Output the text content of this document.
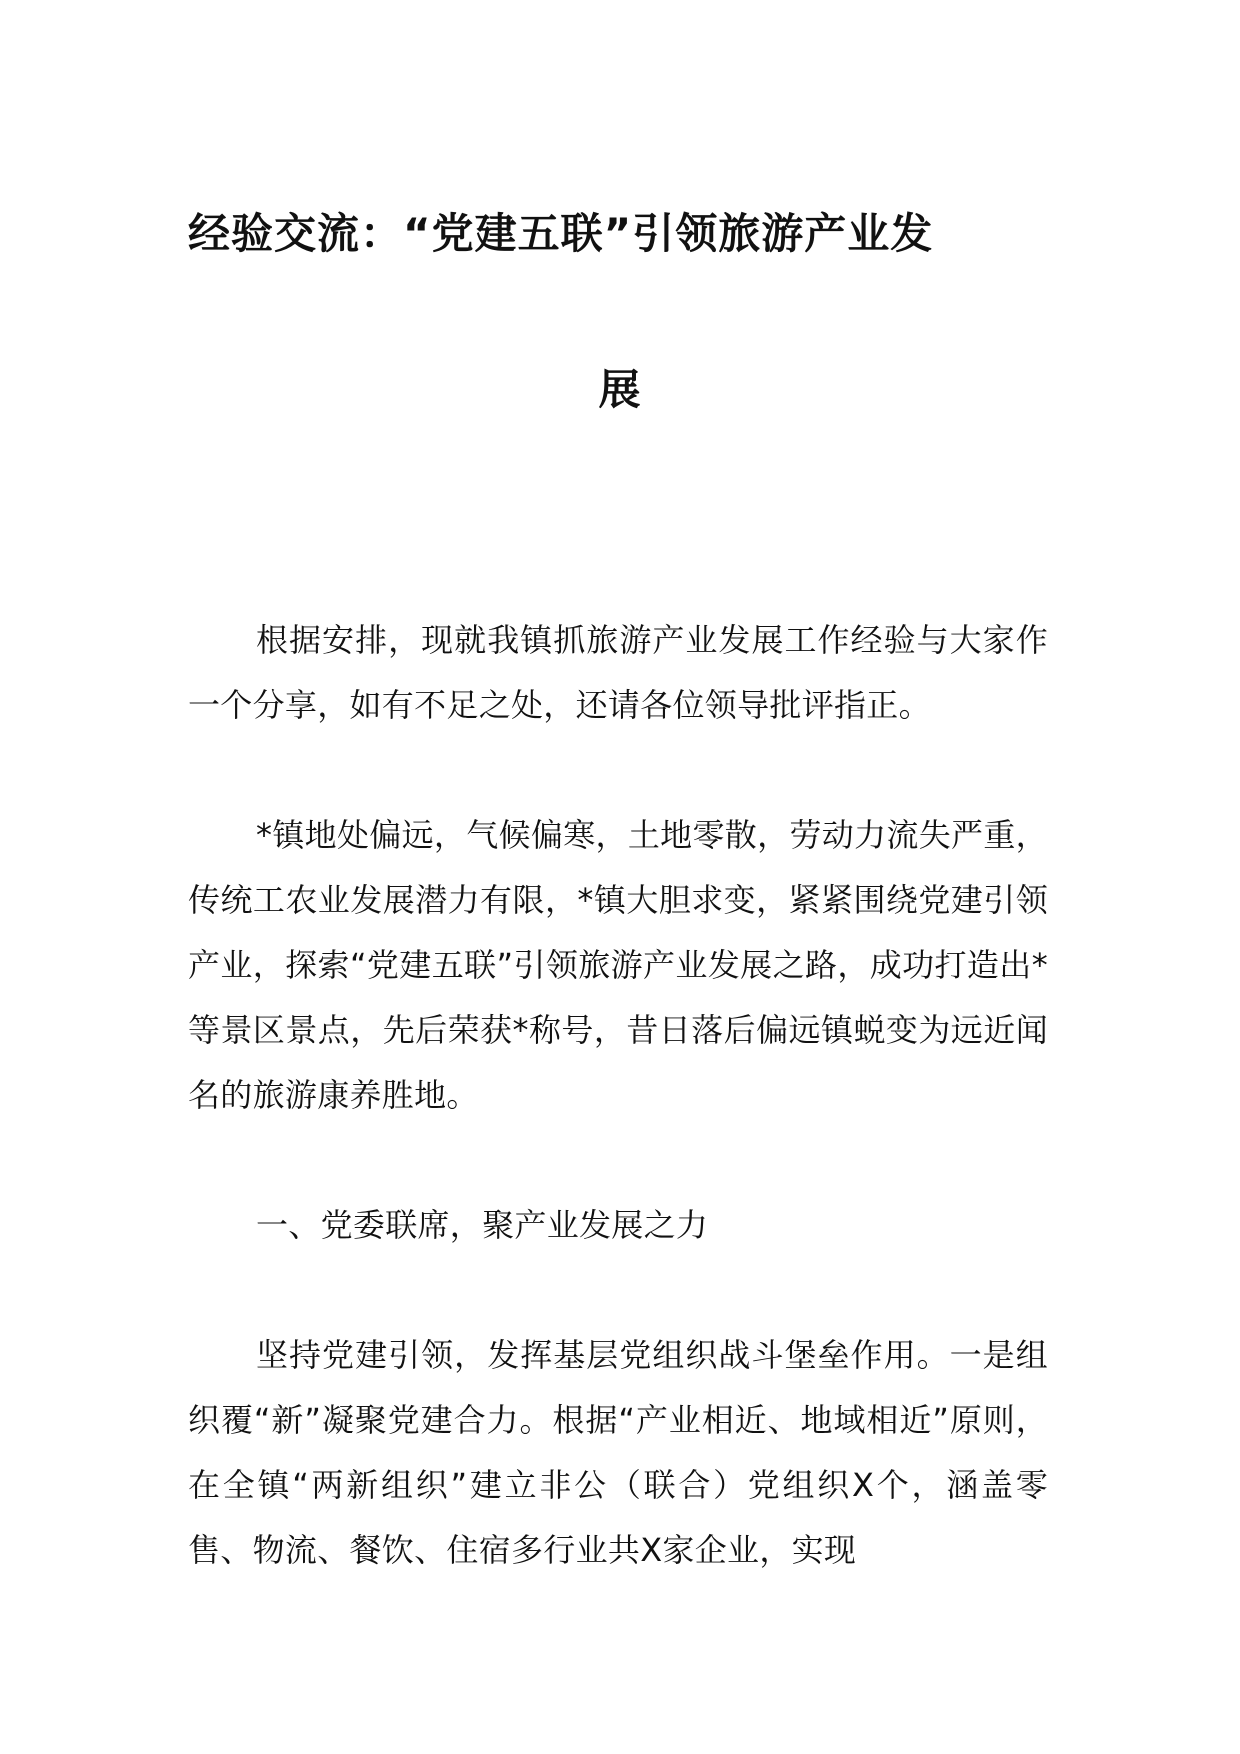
经验交流：“党建五联”引领旅游产业发
展

根据安排，现就我镇抓旅游产业发展工作经验与大家作一个分享，如有不足之处，还请各位领导批评指正。

*镇地处偏远，气候偏寒，土地零散，劳动力流失严重，传统工农业发展潜力有限，*镇大胆求变，紧紧围绕党建引领产业，探索“党建五联”引领旅游产业发展之路，成功打造出*等景区景点，先后荣获*称号，昔日落后偏远镇蜕变为远近闻名的旅游康养胜地。

一、党委联席，聚产业发展之力

坚持党建引领，发挥基层党组织战斗堡垒作用。一是组织覆“新”凝聚党建合力。根据“产业相近、地域相近”原则，在全镇“两新组织”建立非公（联合）党组织X个，涵盖零售、物流、餐饮、住宿多行业共X家企业，实现
